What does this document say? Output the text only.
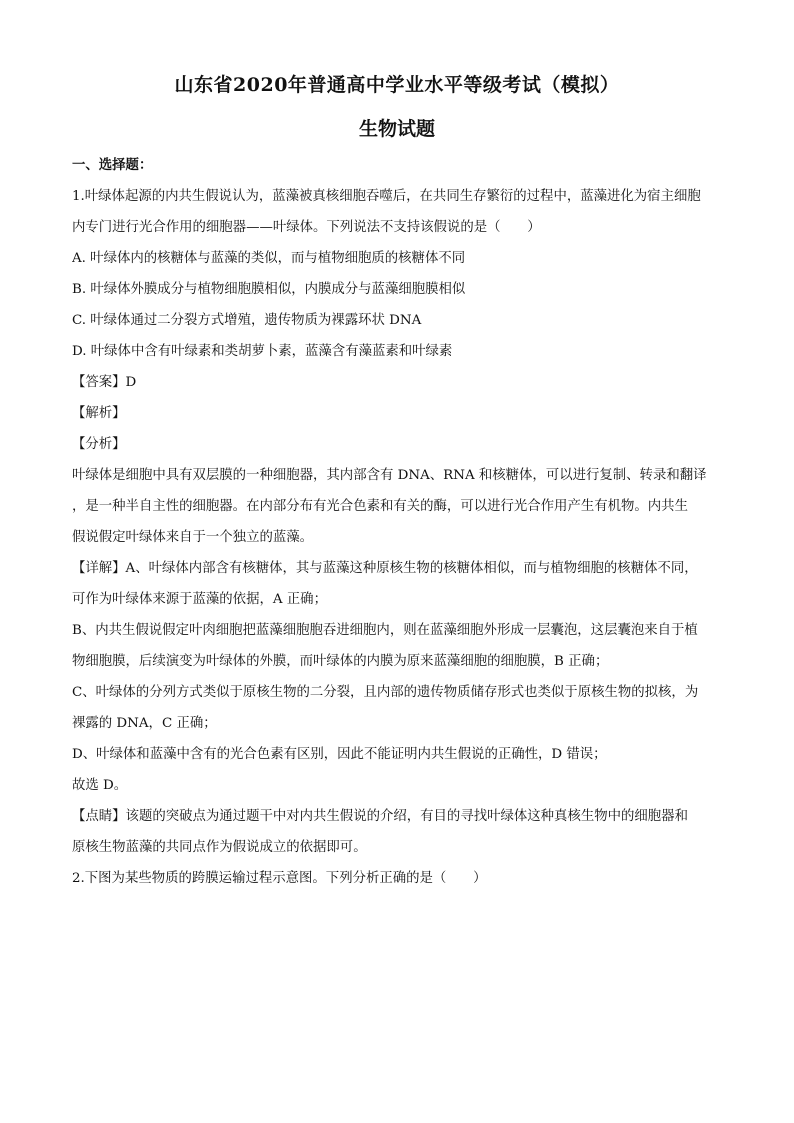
山东省2020年普通高中学业水平等级考试（模拟）
生物试题
一、选择题：
1.叶绿体起源的内共生假说认为，蓝藻被真核细胞吞噬后，在共同生存繁衍的过程中，蓝藻进化为宿主细胞
内专门进行光合作用的细胞器——叶绿体。下列说法不支持该假说的是（　　）
A. 叶绿体内的核糖体与蓝藻的类似，而与植物细胞质的核糖体不同
B. 叶绿体外膜成分与植物细胞膜相似，内膜成分与蓝藻细胞膜相似
C. 叶绿体通过二分裂方式增殖，遗传物质为裸露环状 DNA
D. 叶绿体中含有叶绿素和类胡萝卜素，蓝藻含有藻蓝素和叶绿素
【答案】D
【解析】
【分析】
叶绿体是细胞中具有双层膜的一种细胞器，其内部含有 DNA、RNA 和核糖体，可以进行复制、转录和翻译
，是一种半自主性的细胞器。在内部分布有光合色素和有关的酶，可以进行光合作用产生有机物。内共生
假说假定叶绿体来自于一个独立的蓝藻。
【详解】A、叶绿体内部含有核糖体，其与蓝藻这种原核生物的核糖体相似，而与植物细胞的核糖体不同，
可作为叶绿体来源于蓝藻的依据，A 正确；
B、内共生假说假定叶肉细胞把蓝藻细胞胞吞进细胞内，则在蓝藻细胞外形成一层囊泡，这层囊泡来自于植
物细胞膜，后续演变为叶绿体的外膜，而叶绿体的内膜为原来蓝藻细胞的细胞膜，B 正确；
C、叶绿体的分列方式类似于原核生物的二分裂，且内部的遗传物质储存形式也类似于原核生物的拟核，为
裸露的 DNA，C 正确；
D、叶绿体和蓝藻中含有的光合色素有区别，因此不能证明内共生假说的正确性，D 错误；
故选 D。
【点睛】该题的突破点为通过题干中对内共生假说的介绍，有目的寻找叶绿体这种真核生物中的细胞器和
原核生物蓝藻的共同点作为假说成立的依据即可。
2.下图为某些物质的跨膜运输过程示意图。下列分析正确的是（　　）
